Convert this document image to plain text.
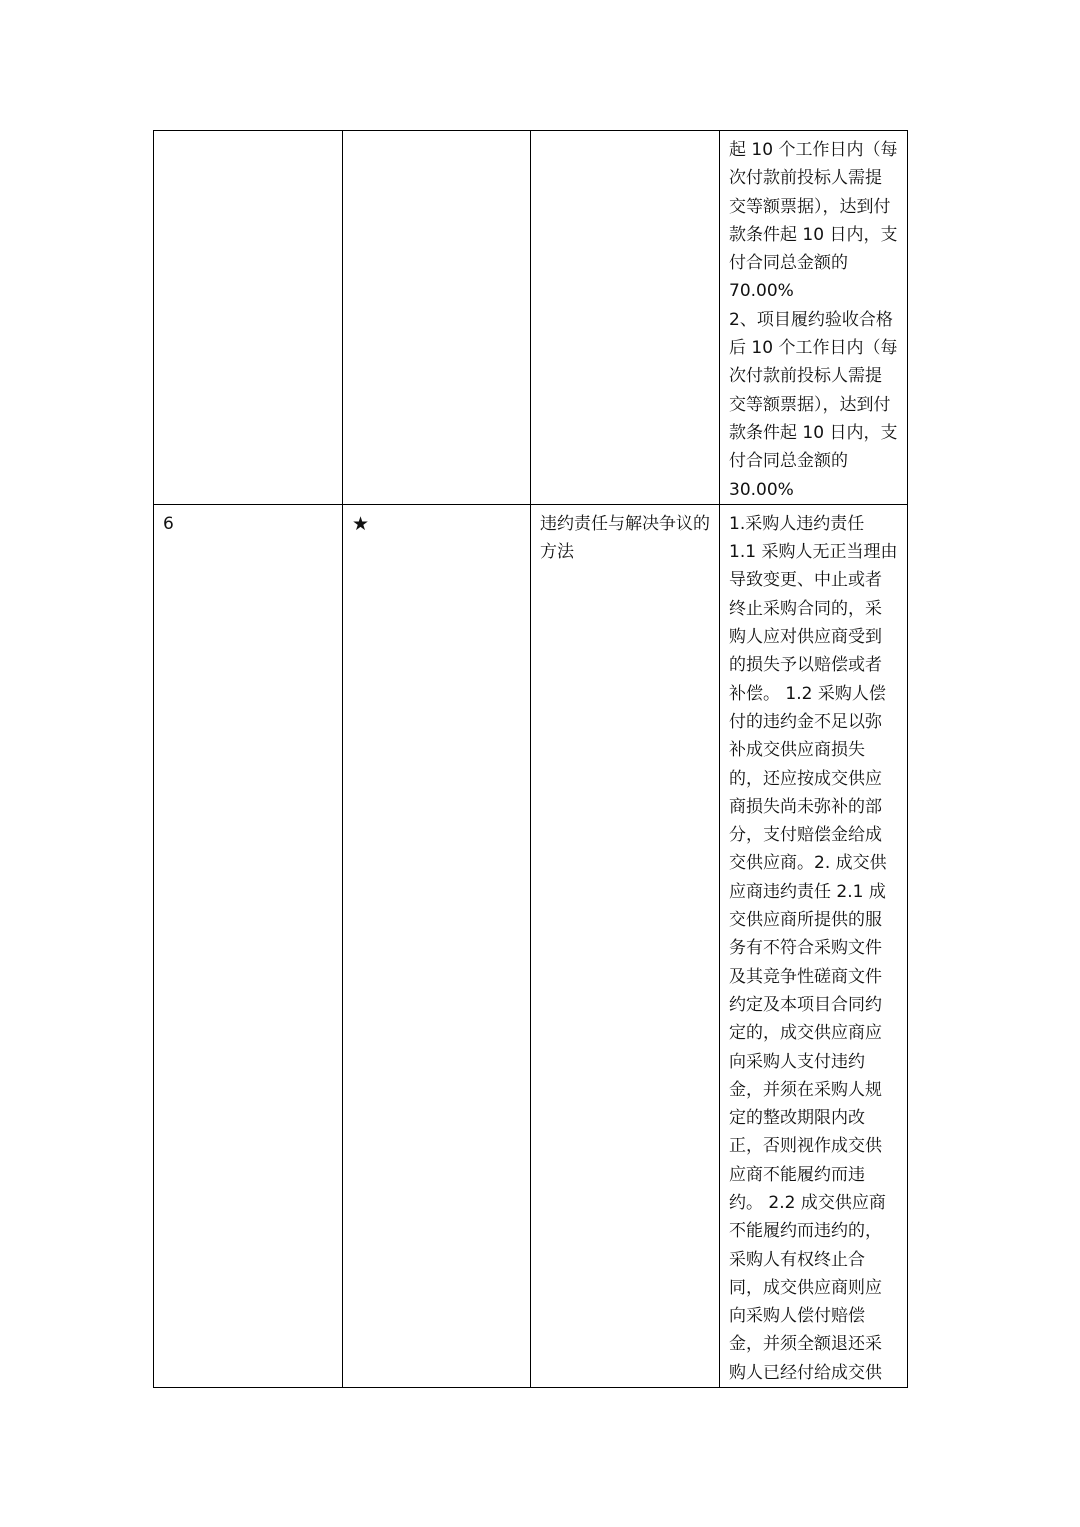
			起 10 个工作日内（每次付款前投标人需提交等额票据），达到付款条件起 10 日内，支付合同总金额的
70.00%
2、项目履约验收合格后 10 个工作日内（每次付款前投标人需提交等额票据），达到付款条件起 10 日内，支付合同总金额的
30.00%

6	★	违约责任与解决争议的方法	1.采购人违约责任
1.1 采购人无正当理由导致变更、中止或者终止采购合同的，采购人应对供应商受到的损失予以赔偿或者补偿。 1.2 采购人偿付的违约金不足以弥补成交供应商损失的，还应按成交供应商损失尚未弥补的部分，支付赔偿金给成交供应商。2. 成交供应商违约责任 2.1 成交供应商所提供的服务有不符合采购文件及其竞争性磋商文件约定及本项目合同约定的，成交供应商应向采购人支付违约金，并须在采购人规定的整改期限内改正，否则视作成交供应商不能履约而违约。 2.2 成交供应商不能履约而违约的，采购人有权终止合同，成交供应商则应向采购人偿付赔偿金，并须全额退还采购人已经付给成交供
